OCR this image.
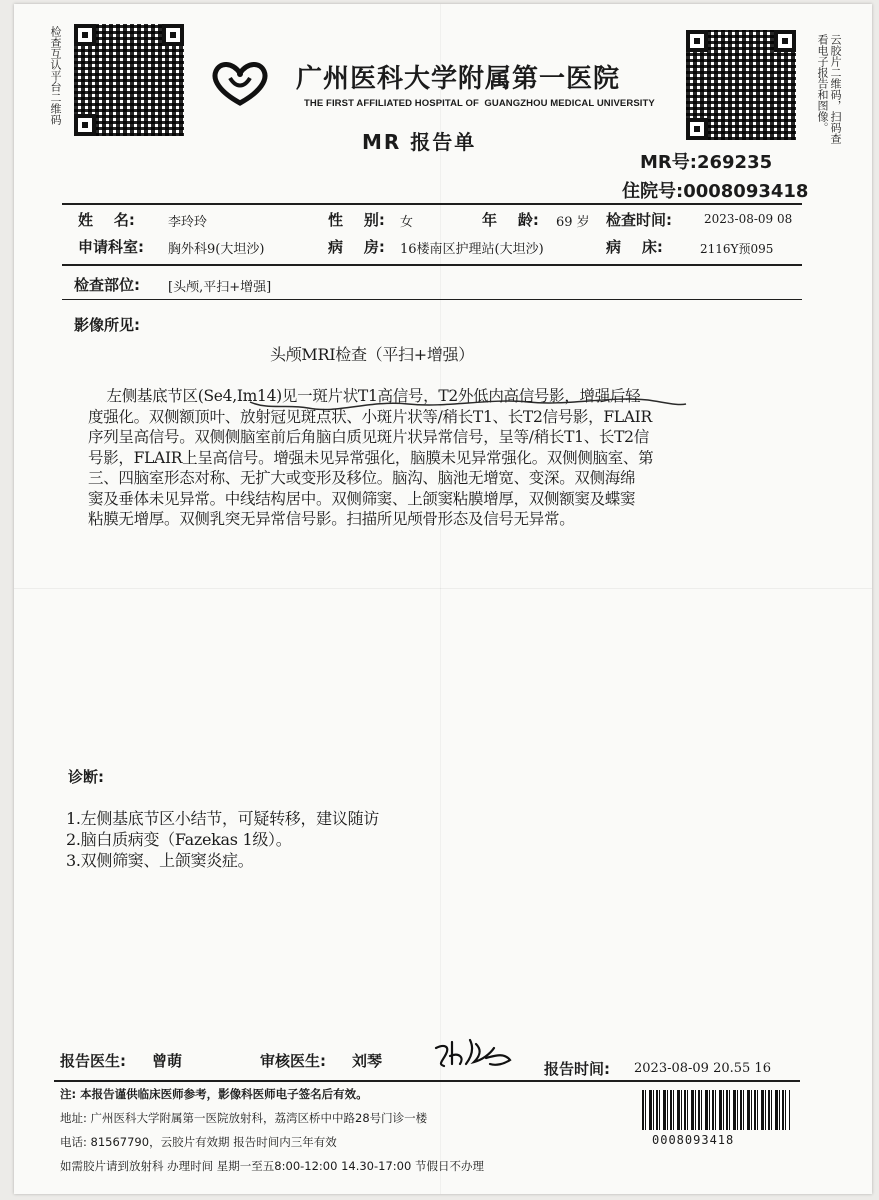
检查互认平台二维码	广州医科大学附属第一医院
THE FIRST AFFILIATED HOSPITAL OF  GUANGZHOU MEDICAL UNIVERSITY	云胶片二维码，扫码查看电子报告和图像。
MR 报告单
MR号:269235
住院号:0008093418
姓    名:	李玲玲	性    别: 女	年    龄: 69 岁 检查时间:	2023-08-09 08
申请科室: 胸外科9(大坦沙)	病    房: 16楼南区护理站(大坦沙)	病    床:	2116Y预095
检查部位: [头颅,平扫+增强]
影像所见:
头颅MRI检查（平扫+增强）
左侧基底节区(Se4,Im14)见一斑片状T1高信号，T2外低内高信号影，增强后轻
度强化。双侧额顶叶、放射冠见斑点状、小斑片状等/稍长T1、长T2信号影，FLAIR
序列呈高信号。双侧侧脑室前后角脑白质见斑片状异常信号，呈等/稍长T1、长T2信
号影，FLAIR上呈高信号。增强未见异常强化，脑膜未见异常强化。双侧侧脑室、第
三、四脑室形态对称、无扩大或变形及移位。脑沟、脑池无增宽、变深。双侧海绵
窦及垂体未见异常。中线结构居中。双侧筛窦、上颌窦粘膜增厚，双侧额窦及蝶窦
粘膜无增厚。双侧乳突无异常信号影。扫描所见颅骨形态及信号无异常。
诊断:
1.左侧基底节区小结节，可疑转移，建议随访
2.脑白质病变（Fazekas 1级）。
3.双侧筛窦、上颌窦炎症。
报告医生: 曾萌	审核医生: 刘琴	报告时间: 2023-08-09 20.55 16
注: 本报告谨供临床医师参考，影像科医师电子签名后有效。
地址: 广州医科大学附属第一医院放射科，荔湾区桥中中路28号门诊一楼
电话: 81567790，云胶片有效期 报告时间内三年有效
如需胶片请到放射科 办理时间 星期一至五8:00-12:00 14.30-17:00 节假日不办理
0008093418
